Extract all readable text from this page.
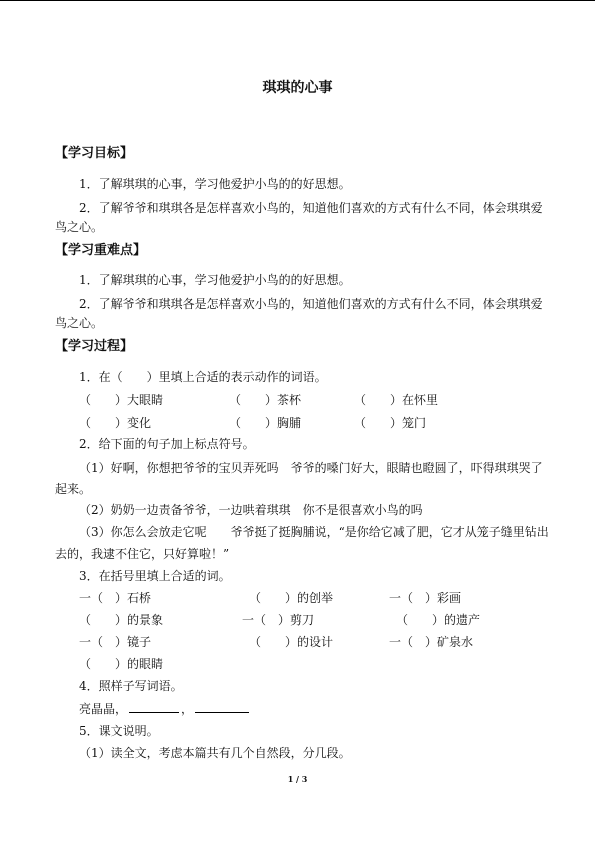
琪琪的心事
【学习目标】
1．了解琪琪的心事，学习他爱护小鸟的的好思想。
2．了解爷爷和琪琪各是怎样喜欢小鸟的，知道他们喜欢的方式有什么不同，体会琪琪爱
鸟之心。
【学习重难点】
1．了解琪琪的心事，学习他爱护小鸟的的好思想。
2．了解爷爷和琪琪各是怎样喜欢小鸟的，知道他们喜欢的方式有什么不同，体会琪琪爱
鸟之心。
【学习过程】
1．在（　　）里填上合适的表示动作的词语。
（　　）大眼睛	（　　）茶杯	（　　）在怀里
（　　）变化	（　　）胸脯	（　　）笼门
2．给下面的句子加上标点符号。
（1）好啊，你想把爷爷的宝贝弄死吗　爷爷的嗓门好大，眼睛也瞪圆了，吓得琪琪哭了
起来。
（2）奶奶一边责备爷爷，一边哄着琪琪　你不是很喜欢小鸟的吗
（3）你怎么会放走它呢　　爷爷挺了挺胸脯说，“是你给它减了肥，它才从笼子缝里钻出
去的，我逮不住它，只好算啦！”
3．在括号里填上合适的词。
一（　）石桥	（　　）的创举	一（　）彩画
（　　）的景象	一（　）剪刀	（　　）的遗产
一（　）镜子	（　　）的设计	一（　）矿泉水
（　　）的眼睛
4．照样子写词语。
亮晶晶，	，
5．课文说明。
（1）读全文，考虑本篇共有几个自然段，分几段。
1 / 3
